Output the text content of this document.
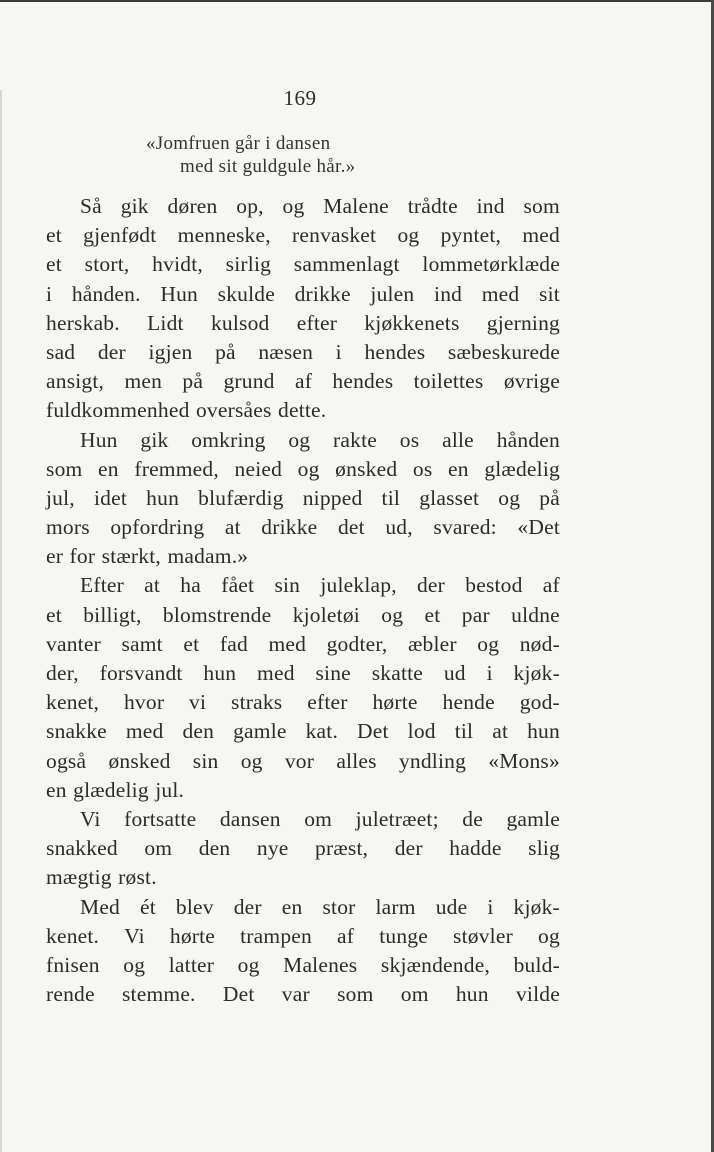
169
«Jomfruen går i dansen
med sit guldgule hår.»
Så gik døren op, og Malene trådte ind som
et gjenfødt menneske, renvasket og pyntet, med
et stort, hvidt, sirlig sammenlagt lommetørklæde
i hånden. Hun skulde drikke julen ind med sit
herskab. Lidt kulsod efter kjøkkenets gjerning
sad der igjen på næsen i hendes sæbeskurede
ansigt, men på grund af hendes toilettes øvrige
fuldkommenhed oversåes dette.
Hun gik omkring og rakte os alle hånden
som en fremmed, neied og ønsked os en glædelig
jul, idet hun blufærdig nipped til glasset og på
mors opfordring at drikke det ud, svared: «Det
er for stærkt, madam.»
Efter at ha fået sin juleklap, der bestod af
et billigt, blomstrende kjoletøi og et par uldne
vanter samt et fad med godter, æbler og nød-
der, forsvandt hun med sine skatte ud i kjøk-
kenet, hvor vi straks efter hørte hende god-
snakke med den gamle kat. Det lod til at hun
også ønsked sin og vor alles yndling «Mons»
en glædelig jul.
Vi fortsatte dansen om juletræet; de gamle
snakked om den nye præst, der hadde slig
mægtig røst.
Med ét blev der en stor larm ude i kjøk-
kenet. Vi hørte trampen af tunge støvler og
fnisen og latter og Malenes skjændende, buld-
rende stemme. Det var som om hun vilde
